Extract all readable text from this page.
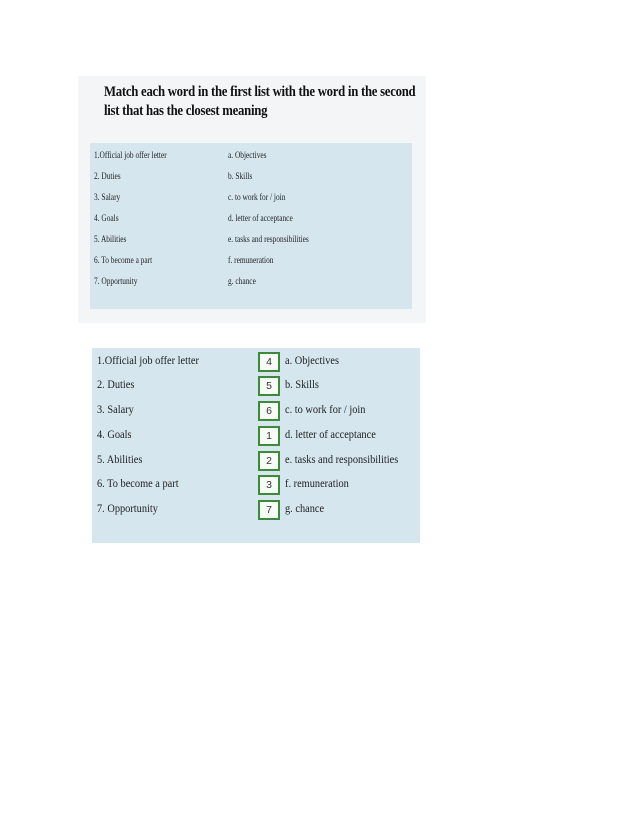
Match each word in the first list with the word in the second
list that has the closest meaning
1.Official job offer letter	a. Objectives
2. Duties	b. Skills
3. Salary	c. to work for / join
4. Goals	d. letter of acceptance
5. Abilities	e. tasks and responsibilities
6. To become a part	f. remuneration
7. Opportunity	g. chance
1.Official job offer letter	4	a. Objectives
2. Duties	5	b. Skills
3. Salary	6	c. to work for / join
4. Goals	1	d. letter of acceptance
5. Abilities	2	e. tasks and responsibilities
6. To become a part	3	f. remuneration
7. Opportunity	7	g. chance
